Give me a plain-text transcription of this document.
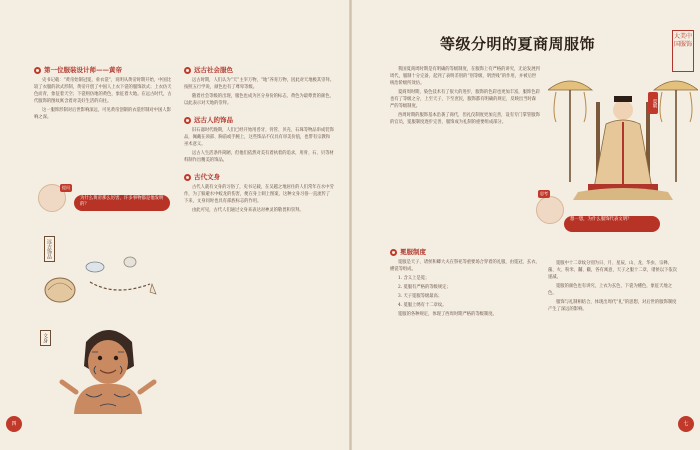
第一位服装设计师——黄帝

史书记载：“黄帝始制冠冕，垂衣裳”，说明从黄帝时期开始，中国比较了衣服的款式形制，黄帝开创了中国人上衣下裳的服饰款式；上衣仿天色而青，象征着天空；下裳则仿地的黄色，象征着大地。在远古时代，古代服饰的图纹寓含着对美好生活的向往。

这一服饰形制对后世影响深远，可见黄帝创制的衣裳形制对中国人影响之深。

提问
为什么黄帝那么厉害，许多事物都是他发明的？
远古饰品
文身
远古社会服色

远古时期，人们认为“天”主宰万物，“地”养育万物，因此对天地极其崇拜。按照五行学说，颜色也有了尊卑等级。

随着社会等级的出现，服色也成为区分身份的标志，黄色为最尊贵的颜色，以此表示对天地的崇拜。

远古人的饰品

旧石器时代晚期，人们已经开始用兽牙、骨管、贝壳、石珠等物品串成装饰品，佩戴在颈部、胸前或手腕上，这些饰品不仅具有审美价值，也带有宗教和巫术意义。

远古人生活条件简陋，但他们依然对美有着执着的追求，用骨、石、贝等材料制作出精美的饰品。

古代文身

古代人就有文身的习俗了，史书记载，在吴越之地居住的人们常年在水中劳作，为了躲避水中蛟龙的伤害，便在身上刺上图案，这种文身习俗一直流传了下来，文身同时也具有部族标志的作用。

由此可见，古代人们通过文身来表达对神灵的敬畏和崇拜。

四
等级分明的夏商周服饰	大美中国服饰

我国夏商周时期是有明确的等级制度，在服饰上有严格的讲究，无论发展到周代，服制十分完备，起到了表明差别的“别等级、明贵贱”的作用，并被后世统治阶级所效仿。

夏商周时期，染色技术有了很大的进步，服饰的色彩也更加丰富，服饰色彩也有了等级之分，上至天子，下至庶民，服饰都有明确的规定，反映出当时森严的等级制度。

西周时期的服饰基本沿袭了商代，但礼仪制度更加完善，设有专门掌管服饰的官员，冕服制度逐步完善，服饰成为礼制的重要组成部分。

夏朝
思考
想一想，为什么服饰代表文明？
冕服制度

冕服是天子、诸侯和卿大夫在祭祀等重要场合穿着的礼服，由冕冠、玄衣、纁裳等组成。

1. 含义上是冕；

2. 冕服有严格的等级规定；

3. 天子冕服等级最高；

4. 冕服上绣有十二章纹。

冕服的各种规定，体现了西周时期严格的等级制度。

冕服中十二章纹分别为日、月、星辰、山、龙、华虫、宗彝、藻、火、粉米、黼、黻，各有寓意，天子之服十二章，诸侯以下依次递减。

冕服的颜色也有讲究，上衣为玄色，下裳为纁色，象征天地之色。

服饰与礼制相结合，体现出周代“礼”的思想，对后世的服饰制度产生了深远的影响。

七
